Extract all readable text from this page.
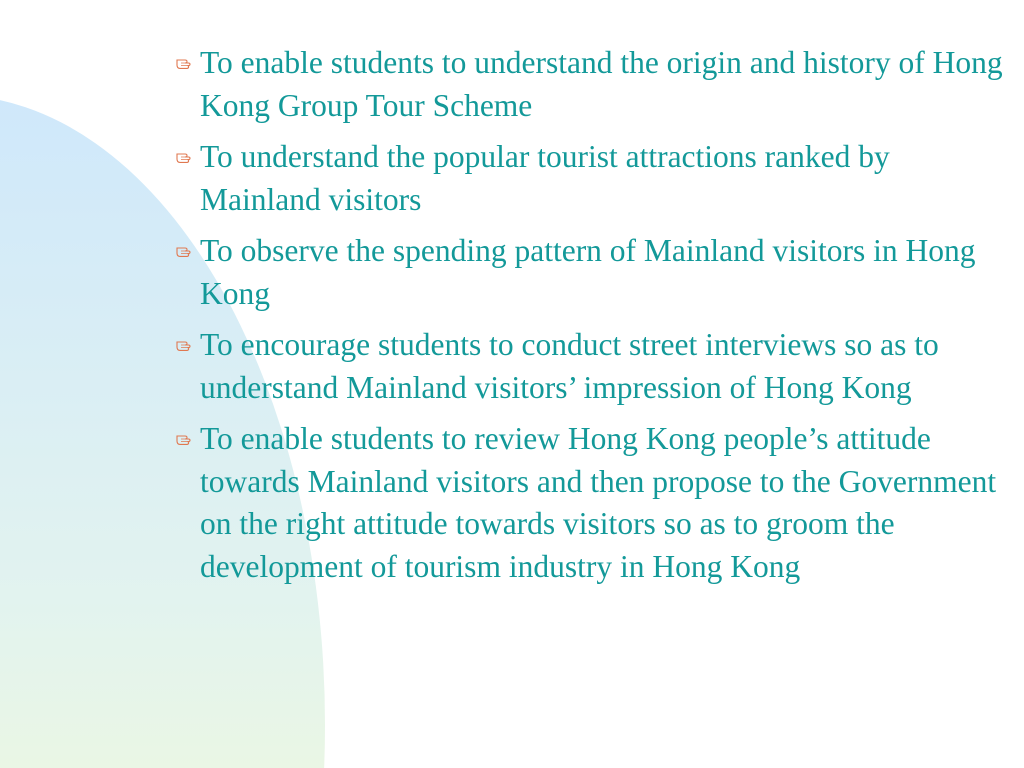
To enable students to understand the origin and history of Hong Kong Group Tour Scheme
To understand the popular tourist attractions ranked by Mainland visitors
To observe the spending pattern of Mainland visitors in Hong Kong
To encourage students to conduct street interviews so as to understand Mainland visitors’ impression of Hong Kong
To enable students to review Hong Kong people’s attitude towards Mainland visitors and then propose to the Government on the right attitude towards visitors so as to groom the development of tourism industry in Hong Kong
